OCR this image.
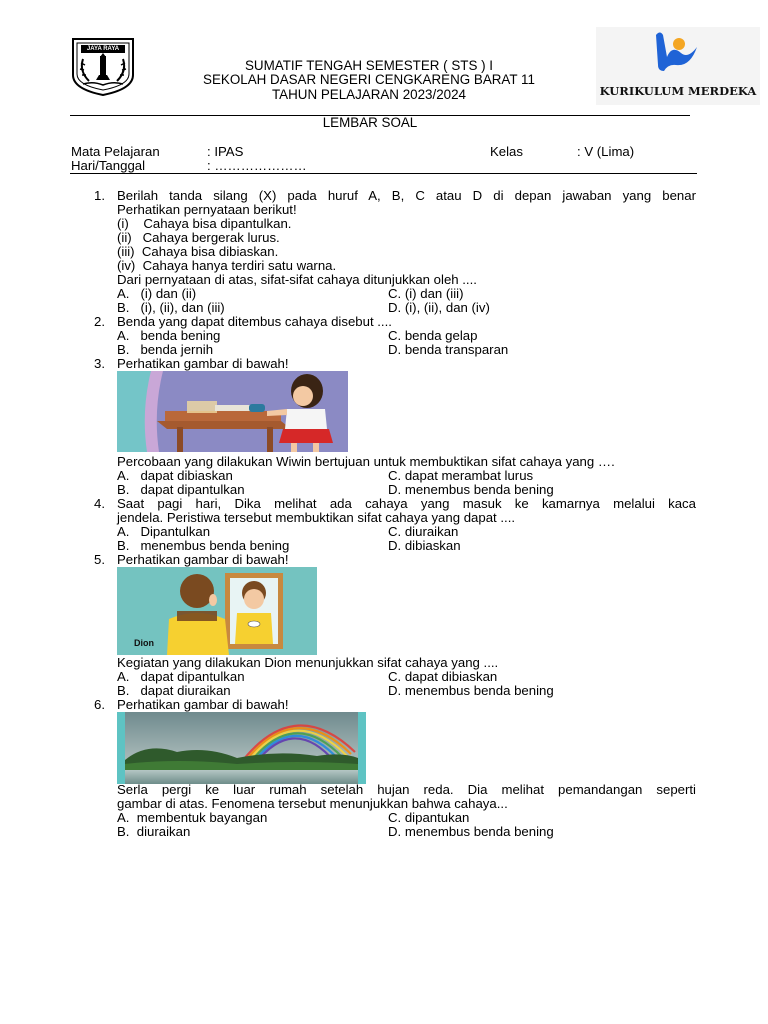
JAYA RAYA
SUMATIF TENGAH SEMESTER ( STS ) I
SEKOLAH DASAR NEGERI CENGKARENG BARAT 11
TAHUN PELAJARAN 2023/2024	KURIKULUM MERDEKA
LEMBAR SOAL
Mata Pelajaran	: IPAS	Kelas	: V (Lima)
Hari/Tanggal	: …………………
1. Berilah tanda silang (X) pada huruf A, B, C atau D di depan jawaban yang benar
Perhatikan pernyataan berikut!
(i)    Cahaya bisa dipantulkan.
(ii)   Cahaya bergerak lurus.
(iii)  Cahaya bisa dibiaskan.
(iv)  Cahaya hanya terdiri satu warna.
Dari pernyataan di atas, sifat-sifat cahaya ditunjukkan oleh ....
A.   (i) dan (ii)	C. (i) dan (iii)
B.   (i), (ii), dan (iii)	D. (i), (ii), dan (iv)
2. Benda yang dapat ditembus cahaya disebut ....
A.   benda bening	C. benda gelap
B.   benda jernih	D. benda transparan
3. Perhatikan gambar di bawah!
Percobaan yang dilakukan Wiwin bertujuan untuk membuktikan sifat cahaya yang ….
A.   dapat dibiaskan	C. dapat merambat lurus
B.   dapat dipantulkan	D. menembus benda bening
4. Saat pagi hari, Dika melihat ada cahaya yang masuk ke kamarnya melalui kaca
jendela. Peristiwa tersebut membuktikan sifat cahaya yang dapat ....
A.   Dipantulkan	C. diuraikan
B.   menembus benda bening	D. dibiaskan
5. Perhatikan gambar di bawah!
Dion
Kegiatan yang dilakukan Dion menunjukkan sifat cahaya yang ....
A.   dapat dipantulkan	C. dapat dibiaskan
B.   dapat diuraikan	D. menembus benda bening
6. Perhatikan gambar di bawah!
Serla pergi ke luar rumah setelah hujan reda. Dia melihat pemandangan seperti
gambar di atas. Fenomena tersebut menunjukkan bahwa cahaya...
A.  membentuk bayangan	C. dipantukan
B.  diuraikan	D. menembus benda bening
